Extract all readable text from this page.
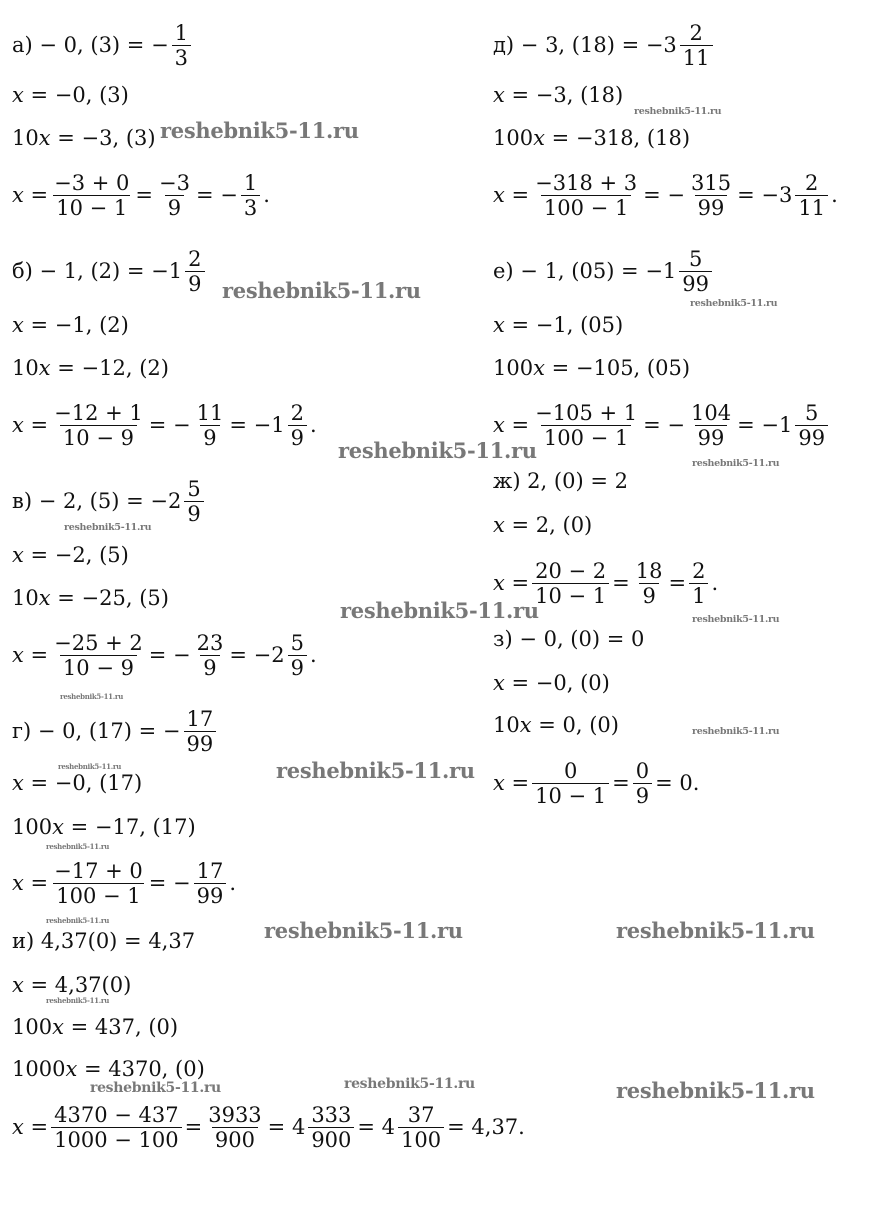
а) − 0, (3) = − $\frac{1}{3}$
x = −0, (3)
10x = −3, (3)
$x = \frac{-3 + 0}{10 - 1} = \frac{-3}{9}$ = − $\frac{1}{3}$ .
б) − 1, $(2) = -1 \frac{2}{9}$
x = −1, (2)
10x = −12, (2)
$x = \frac{-12 + 1}{10 - 9}$ = − $\frac{11}{9} = -1 \frac{2}{9}$ .
в) − 2, $(5) = -2 \frac{5}{9}$
x = −2, (5)
10x = −25, (5)
$x = \frac{-25 + 2}{10 - 9}$ = − $\frac{23}{9} = -2 \frac{5}{9}$ .
г) − 0, (17) = − $\frac{17}{99}$
x = −0, (17)
100x = −17, (17)
$x = \frac{-17 + 0}{100 - 1}$ = − $\frac{17}{99}$ .
и) 4,37(0) = 4,37
x = 4,37(0)
100x = 437, (0)
1000x = 4370, (0)
$x = \frac{4370 - 437}{1000 - 100} = \frac{3933}{900} = 4 \frac{333}{900} = 4 \frac{37}{100} = 4,37$.
д) − 3, $(18) = -3 \frac{2}{11}$
x = −3, (18)
100x = −318, (18)
$x = \frac{-318 + 3}{100 - 1}$ = − $\frac{315}{99} = -3 \frac{2}{11}$ .
е) − 1, $(05) = -1 \frac{5}{99}$
x = −1, (05)
100x = −105, (05)
$x = \frac{-105 + 1}{100 - 1}$ = − $\frac{104}{99} = -1 \frac{5}{99}$
ж) 2, (0) = 2
x = 2, (0)
$x = \frac{20 - 2}{10 - 1} = \frac{18}{9} = \frac{2}{1}$ .
з) − 0, (0) = 0
x = −0, (0)
10x = 0, (0)
$x = \frac{0}{10 - 1} = \frac{0}{9} = 0$.
reshebnik5-11.ru
reshebnik5-11.ru
reshebnik5-11.ru
reshebnik5-11.ru
reshebnik5-11.ru
reshebnik5-11.ru
reshebnik5-11.ru
reshebnik5-11.ru	reshebnik5-11.ru
reshebnik5-11.ru
reshebnik5-11.ru
reshebnik5-11.ru	reshebnik5-11.ru
reshebnik5-11.ru
reshebnik5-11.ru	reshebnik5-11.ru	reshebnik5-11.ru
reshebnik5-11.ru
reshebnik5-11.ru
reshebnik5-11.ru	reshebnik5-11.ru
